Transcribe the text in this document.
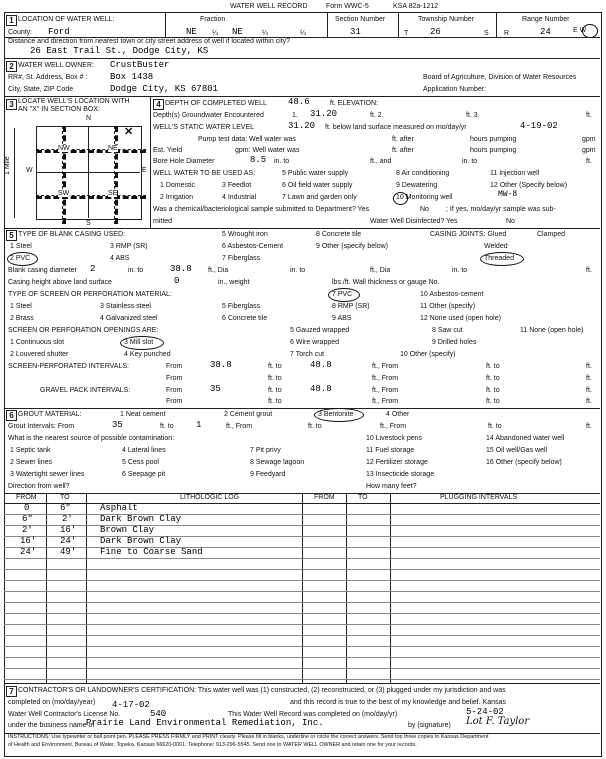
WATER WELL RECORD	Form WWC-5	KSA 82a-1212
1 LOCATION OF WATER WELL:
County: Ford
Fraction
NE ¼ NE	¼	¼
Section Number
31
Township Number
T 26	S
Range Number
R	24	E W
Distance and direction from nearest town or city street address of well if located within city?
26 East Trail St., Dodge City, KS
2 WATER WELL OWNER: CrustBuster
RR#, St. Address, Box # :	Box 1438
City, State, ZIP Code	Dodge City, KS 67801
Board of Agriculture, Division of Water Resources
Application Number:
3 LOCATE WELL'S LOCATION WITH
AN "X" IN SECTION BOX:
N
S
W	E
1 Mile
NW	NE
SW	SE
✕
4 DEPTH OF COMPLETED WELL 48.6	ft. ELEVATION:
Depth(s) Groundwater Encountered	1. 31.20	ft. 2.	ft. 3.	ft.
WELL'S STATIC WATER LEVEL	31.20 ft. below land surface measured on mo/day/yr	4-19-02
Pump test data: Well water was	ft. after	hours pumping	gpm
Est. Yield	gpm: Well water was	ft. after	hours pumping	gpm
Bore Hole Diameter	8.5 in. to	ft., and	in. to	ft.
WELL WATER TO BE USED AS:
1 Domestic	3 Feedlot
5 Public water supply	8 Air conditioning	11 Injection well
2 Irrigation	4 Industrial
6 Oil field water supply	9 Dewatering	12 Other (Specify below)
7 Lawn and garden only	10 Monitoring well	MW-8
Was a chemical/bacteriological sample submitted to Department? Yes	No ; If yes, mo/day/yr sample was sub-
mitted	Water Well Disinfected? Yes	No
5 TYPE OF BLANK CASING USED:
1 Steel	3 RMP (SR)
5 Wrought iron	8 Concrete tile
2 PVC	4 ABS
6 Asbestos-Cement	9 Other (specify below)
7 Fiberglass
CASING JOINTS: Glued	Clamped
Welded
Threaded
Blank casing diameter 2	in. to	38.8 ft., Dia	in. to	ft., Dia	in. to	ft.
Casing height above land surface	0	in., weight	lbs./ft. Wall thickness or gauge No.
TYPE OF SCREEN OR PERFORATION MATERIAL:
1 Steel	3 Stainless steel	5 Fiberglass
7 PVC	10 Asbestos-cement
2 Brass	4 Galvanized steel	6 Concrete tile
8 RMP (SR)	11 Other (specify)
9 ABS	12 None used (open hole)
SCREEN OR PERFORATION OPENINGS ARE:	5 Gauzed wrapped	8 Saw cut	11 None (open hole)
1 Continuous slot	3 Mill slot	6 Wire wrapped	9 Drilled holes
2 Louvered shutter	4 Key punched	7 Torch cut	10 Other (specify)
SCREEN-PERFORATED INTERVALS:	From	38.8	ft. to	48.8	ft., From	ft. to	ft.
From	ft. to	ft., From	ft. to	ft.
GRAVEL PACK INTERVALS:	From	35	ft. to	48.8	ft., From	ft. to	ft.
From	ft. to	ft., From	ft. to	ft.
6 GROUT MATERIAL:	1 Neat cement	2 Cement grout	3 Bentonite	4 Other
Grout Intervals: From	35	ft. to 1	ft., From	ft. to	ft., From	ft. to	ft.
What is the nearest source of possible contamination:
1 Septic tank	4 Lateral lines	7 Pit privy
10 Livestock pens	14 Abandoned water well
2 Sewer lines	5 Cess pool	8 Sewage lagoon
11 Fuel storage	15 Oil well/Gas well
3 Watertight sewer lines	6 Seepage pit	9 Feedyard
12 Fertilizer storage	16 Other (specify below)
13 Insecticide storage
Direction from well?	How many feet?
FROM	TO	LITHOLOGIC LOG	FROM	TO	PLUGGING INTERVALS
0	6"	Asphalt
6"	2'	Dark Brown Clay
2'	16'	Brown Clay
16'	24'	Dark Brown Clay
24'	49'	Fine to Coarse Sand
7 CONTRACTOR'S OR LANDOWNER'S CERTIFICATION: This water well was (1) constructed, (2) reconstructed, or (3) plugged under my jurisdiction and was
completed on (mo/day/year)	and this record is true to the best of my knowledge and belief. Kansas
4-17-02
Water Well Contractor's License No.	540	This Water Well Record was completed on (mo/day/yr)	5-24-02
under the business name of
Prairie Land Environmental Remediation, Inc.	by (signature) Lot F. Taylor
INSTRUCTIONS: Use typewriter or ball point pen. PLEASE PRESS FIRMLY and PRINT clearly. Please fill in blanks, underline or circle the correct answers. Send top three copies to Kansas Department
of Health and Environment, Bureau of Water, Topeka, Kansas 66620-0001. Telephone: 913-296-5545. Send one to WATER WELL OWNER and retain one for your records.
